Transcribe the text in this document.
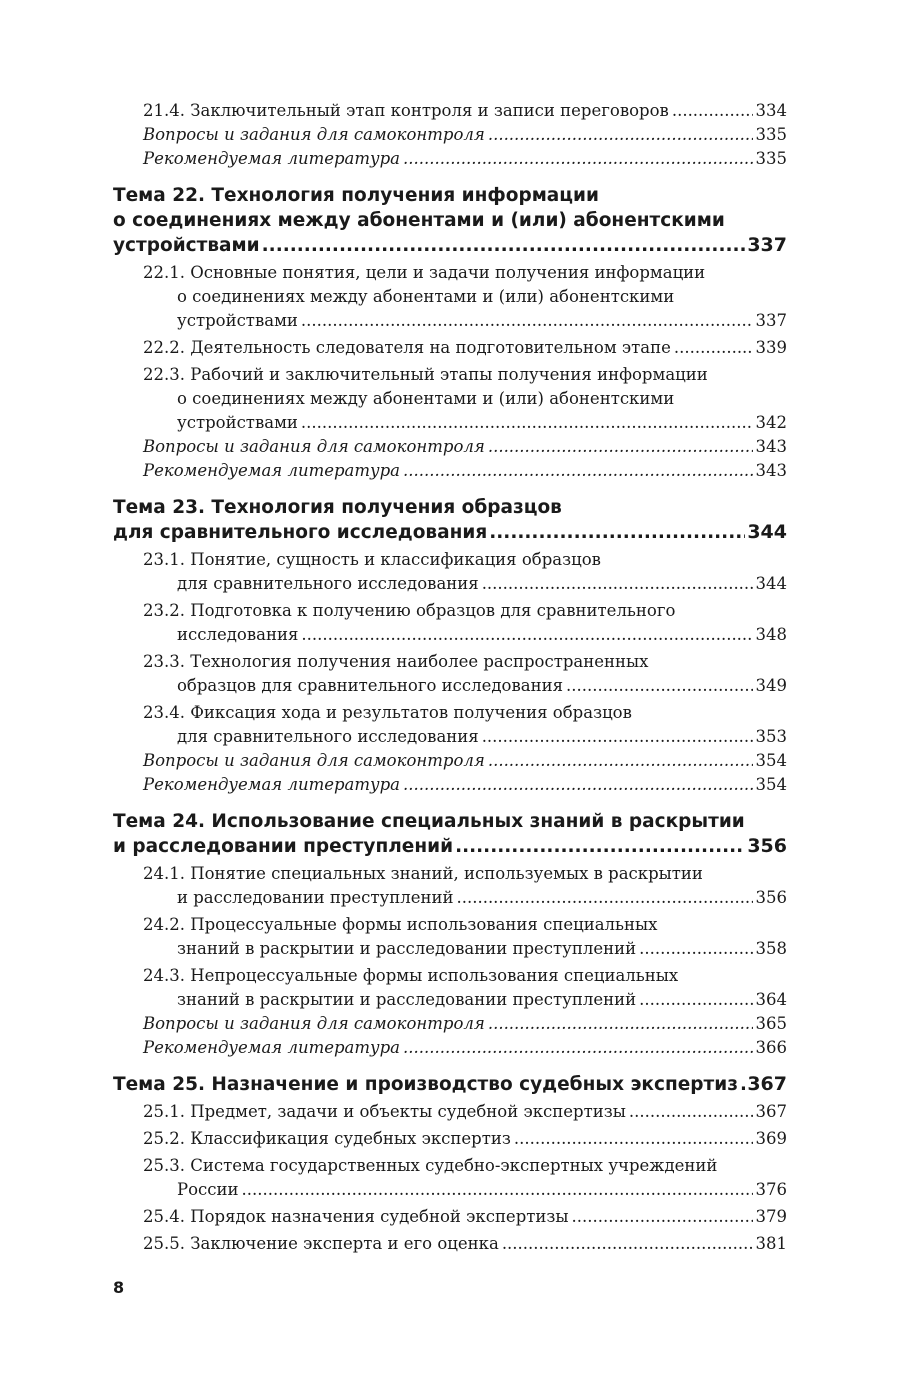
21.4. Заключительный этап контроля и записи переговоров .....	334
Вопросы и задания для самоконтроля .....	335
Рекомендуемая литература .....	335
Тема 22. Технология получения информации
о соединениях между абонентами и (или) абонентскими
устройствами .....	337
22.1. Основные понятия, цели и задачи получения информации
о соединениях между абонентами и (или) абонентскими
устройствами .....	337
22.2. Деятельность следователя на подготовительном этапе .....	339
22.3. Рабочий и заключительный этапы получения информации
о соединениях между абонентами и (или) абонентскими
устройствами .....	342
Вопросы и задания для самоконтроля .....	343
Рекомендуемая литература .....	343
Тема 23. Технология получения образцов
для сравнительного исследования .....	344
23.1. Понятие, сущность и классификация образцов
для сравнительного исследования .....	344
23.2. Подготовка к получению образцов для сравнительного
исследования .....	348
23.3. Технология получения наиболее распространенных
образцов для сравнительного исследования .....	349
23.4. Фиксация хода и результатов получения образцов
для сравнительного исследования .....	353
Вопросы и задания для самоконтроля .....	354
Рекомендуемая литература .....	354
Тема 24. Использование специальных знаний в раскрытии
и расследовании преступлений .....	356
24.1. Понятие специальных знаний, используемых в раскрытии
и расследовании преступлений .....	356
24.2. Процессуальные формы использования специальных
знаний в раскрытии и расследовании преступлений .....	358
24.3. Непроцессуальные формы использования специальных
знаний в раскрытии и расследовании преступлений .....	364
Вопросы и задания для самоконтроля .....	365
Рекомендуемая литература .....	366
Тема 25. Назначение и производство судебных экспертиз ..... 367
25.1. Предмет, задачи и объекты судебной экспертизы .....	367
25.2. Классификация судебных экспертиз .....	369
25.3. Система государственных судебно-экспертных учреждений
России .....	376
25.4. Порядок назначения судебной экспертизы .....	379
25.5. Заключение эксперта и его оценка .....	381
8
